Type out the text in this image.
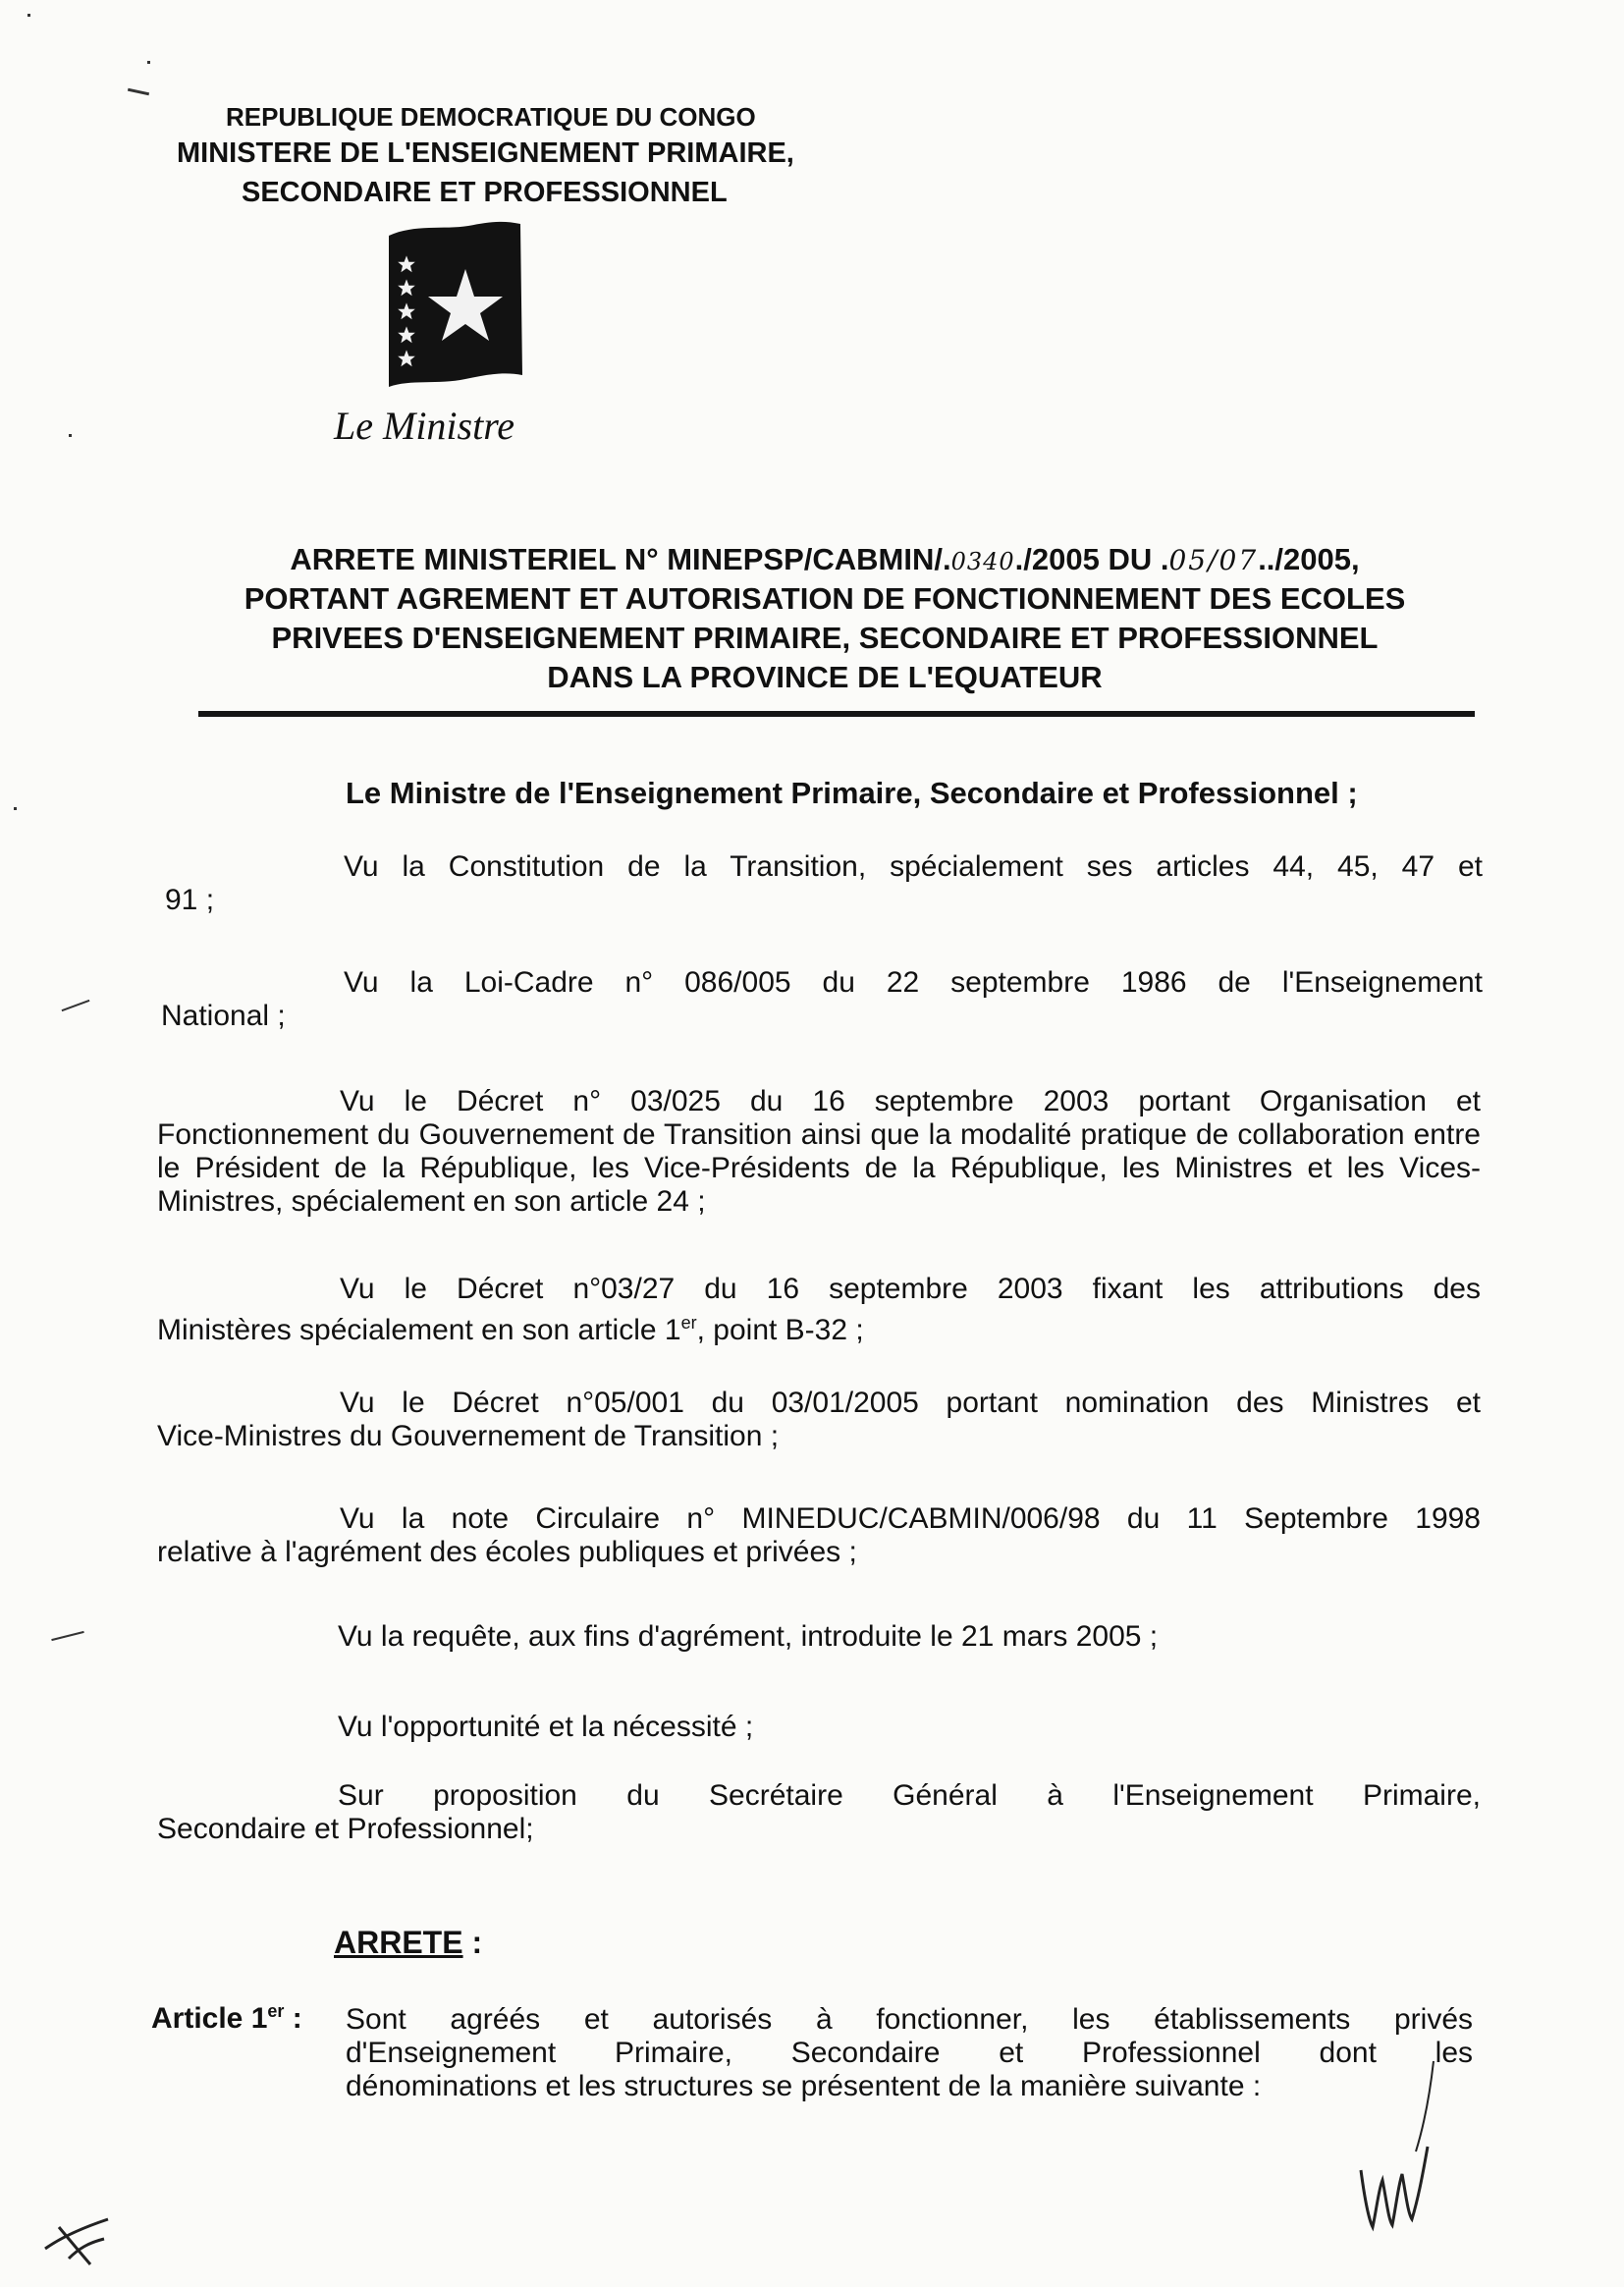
REPUBLIQUE DEMOCRATIQUE DU CONGO
MINISTERE DE L'ENSEIGNEMENT PRIMAIRE,
SECONDAIRE ET PROFESSIONNEL
Le Ministre
ARRETE MINISTERIEL N° MINEPSP/CABMIN/.0340./2005 DU .05/07../2005,
PORTANT AGREMENT ET AUTORISATION DE FONCTIONNEMENT DES ECOLES
PRIVEES D'ENSEIGNEMENT PRIMAIRE, SECONDAIRE ET PROFESSIONNEL
DANS LA PROVINCE DE L'EQUATEUR
Le Ministre de l'Enseignement Primaire, Secondaire et Professionnel ;
Vu la Constitution de la Transition, spécialement ses articles 44, 45, 47 et
91 ;
Vu la Loi-Cadre n° 086/005 du 22 septembre 1986 de l'Enseignement
National ;
Vu le Décret n° 03/025 du 16 septembre 2003 portant Organisation et
Fonctionnement du Gouvernement de Transition ainsi que la modalité pratique de collaboration entre le Président de la République, les Vice-Présidents de la République, les Ministres et les Vices-Ministres, spécialement en son article 24 ;
Vu le Décret n°03/27 du 16 septembre 2003 fixant les attributions des
Ministères spécialement en son article 1er, point B-32 ;
Vu le Décret n°05/001 du 03/01/2005 portant nomination des Ministres et
Vice-Ministres du Gouvernement de Transition ;
Vu la note Circulaire n° MINEDUC/CABMIN/006/98 du 11 Septembre 1998
relative à l'agrément des écoles publiques et privées ;
Vu la requête, aux fins d'agrément, introduite le 21 mars 2005 ;
Vu l'opportunité et la nécessité ;
Sur proposition du Secrétaire Général à l'Enseignement Primaire,
Secondaire et Professionnel;
ARRETE :
Article 1er : Sont agréés et autorisés à fonctionner, les établissements privés
d'Enseignement Primaire, Secondaire et Professionnel dont les
dénominations et les structures se présentent de la manière suivante :
